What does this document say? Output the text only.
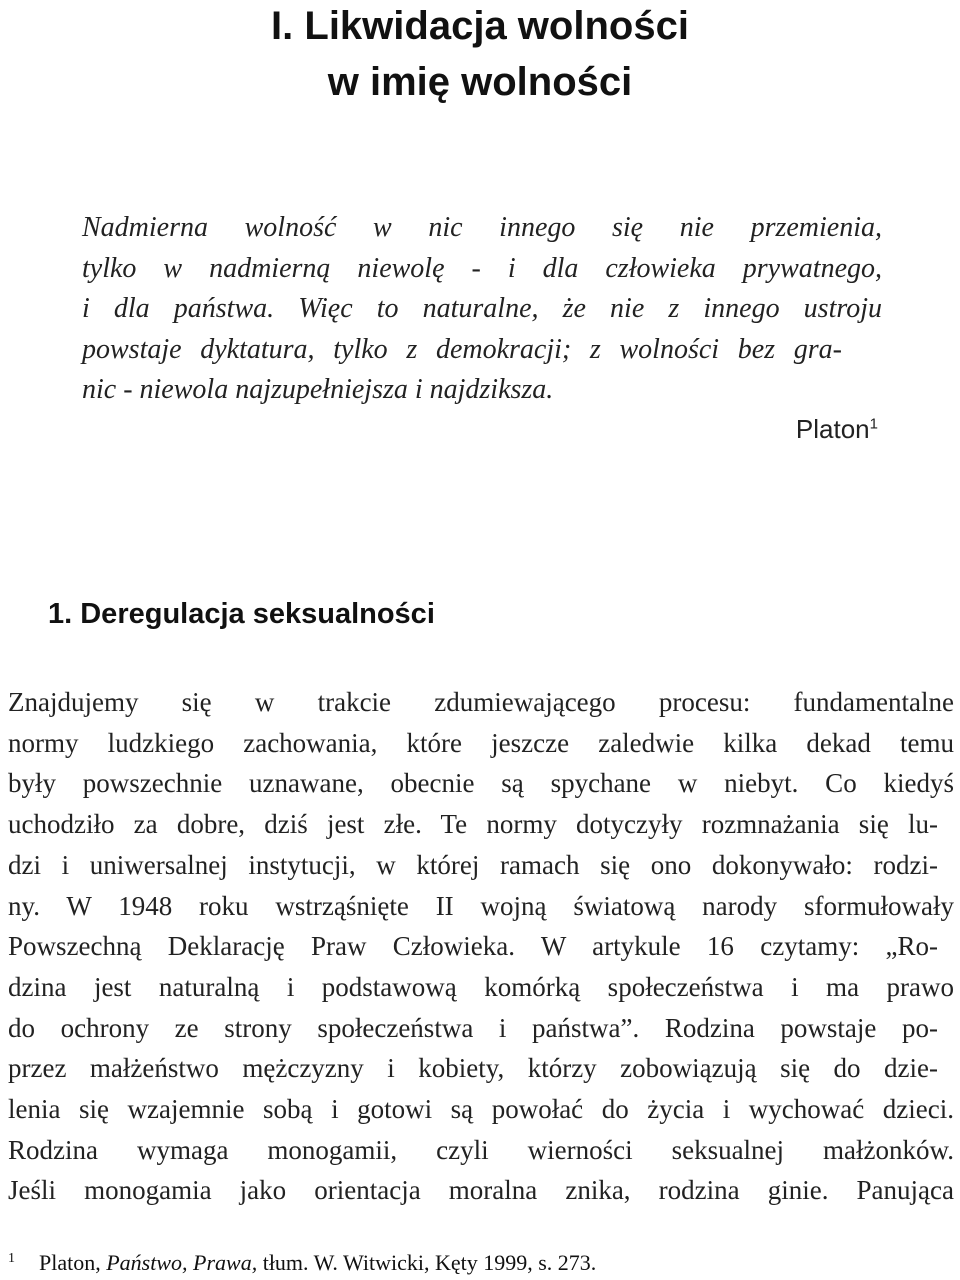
I. Likwidacja wolności
w imię wolności
Nadmierna wolność w nic innego się nie przemienia,
tylko w nadmierną niewolę - i dla człowieka prywatnego,
i dla państwa. Więc to naturalne, że nie z innego ustroju
powstaje dyktatura, tylko z demokracji; z wolności bez gra-
nic - niewola najzupełniejsza i najdziksza.
Platon$^1$
1. Deregulacja seksualności
Znajdujemy się w trakcie zdumiewającego procesu: fundamentalne
normy ludzkiego zachowania, które jeszcze zaledwie kilka dekad temu
były powszechnie uznawane, obecnie są spychane w niebyt. Co kiedyś
uchodziło za dobre, dziś jest złe. Te normy dotyczyły rozmnażania się lu-
dzi i uniwersalnej instytucji, w której ramach się ono dokonywało: rodzi-
ny. W 1948 roku wstrząśnięte II wojną światową narody sformułowały
Powszechną Deklarację Praw Człowieka. W artykule 16 czytamy: „Ro-
dzina jest naturalną i podstawową komórką społeczeństwa i ma prawo
do ochrony ze strony społeczeństwa i państwa”. Rodzina powstaje po-
przez małżeństwo mężczyzny i kobiety, którzy zobowiązują się do dzie-
lenia się wzajemnie sobą i gotowi są powołać do życia i wychować dzieci.
Rodzina wymaga monogamii, czyli wierności seksualnej małżonków.
Jeśli monogamia jako orientacja moralna znika, rodzina ginie. Panująca
$^1$ Platon, Państwo, Prawa, tłum. W. Witwicki, Kęty 1999, s. 273.
